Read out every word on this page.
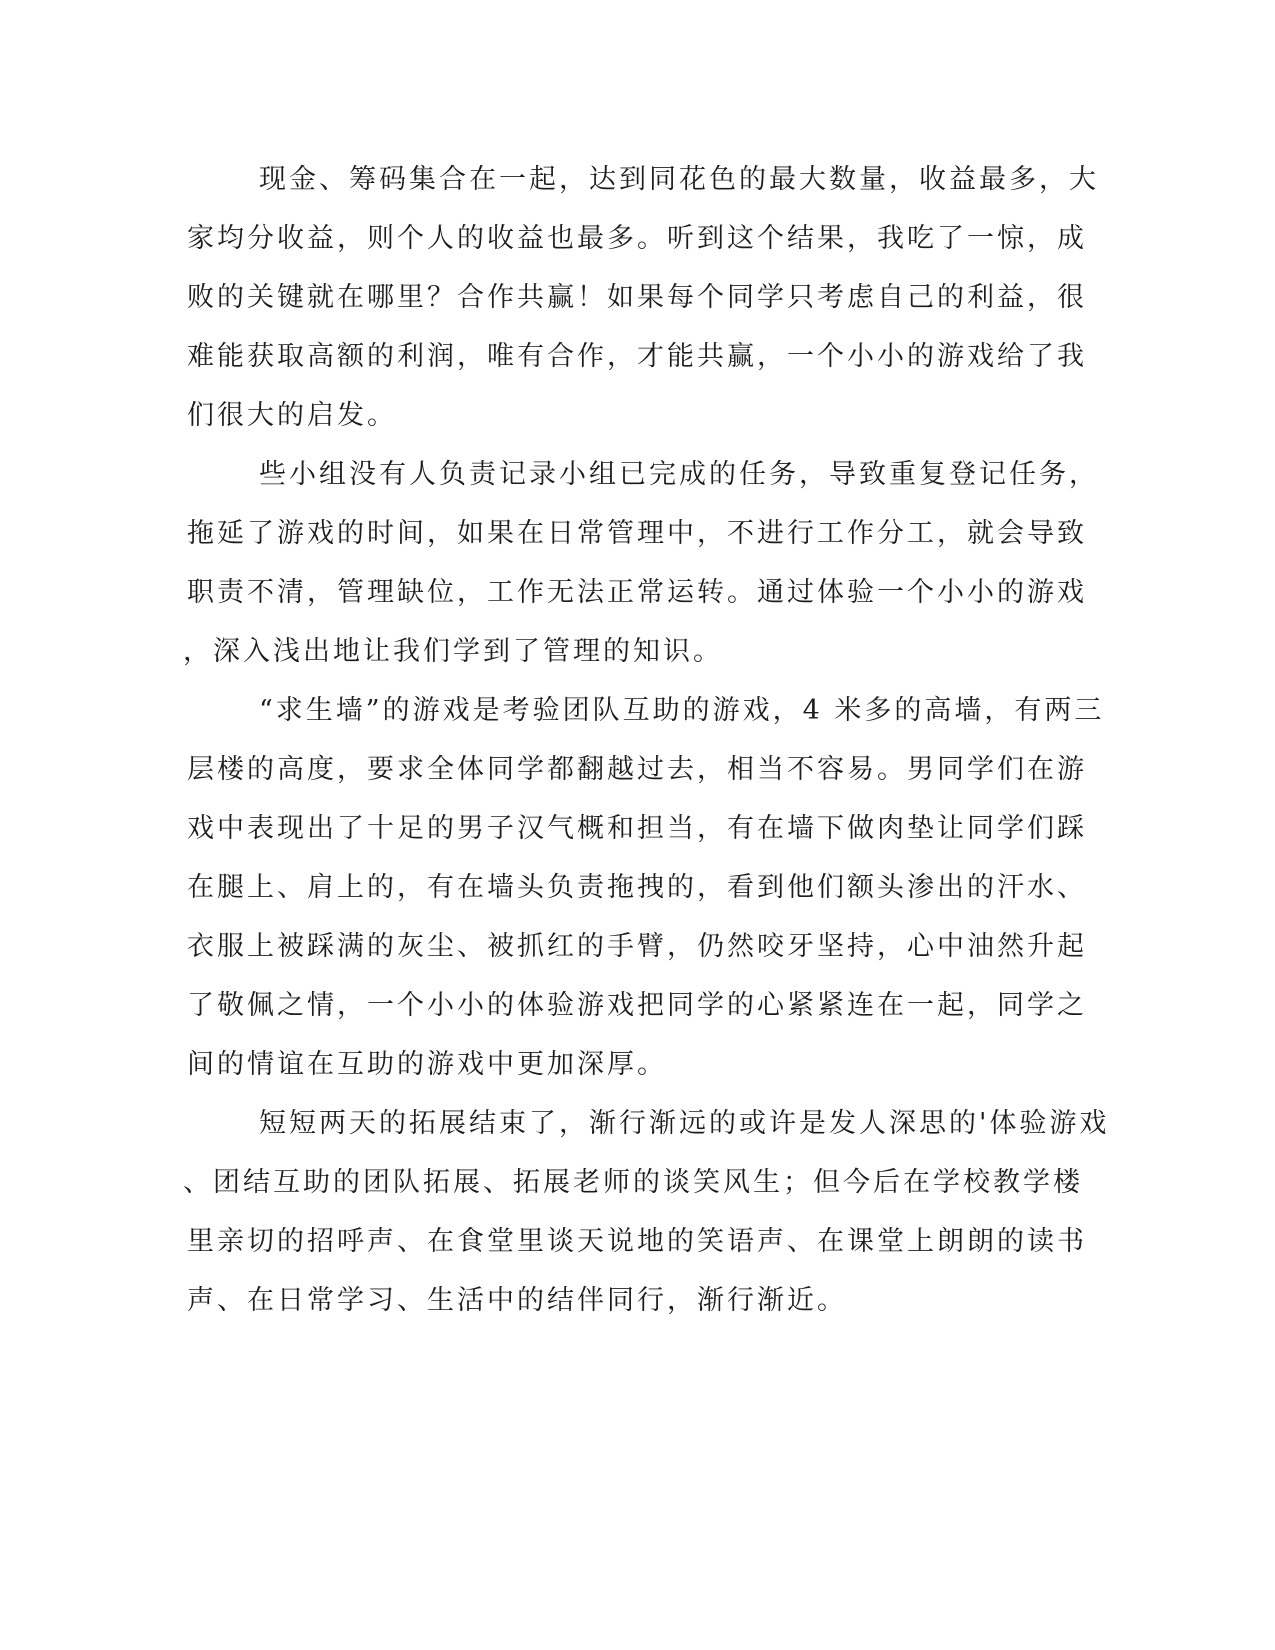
现金、筹码集合在一起，达到同花色的最大数量，收益最多，大
家均分收益，则个人的收益也最多。听到这个结果，我吃了一惊，成
败的关键就在哪里？合作共赢！如果每个同学只考虑自己的利益，很
难能获取高额的利润，唯有合作，才能共赢，一个小小的游戏给了我
们很大的启发。

些小组没有人负责记录小组已完成的任务，导致重复登记任务，
拖延了游戏的时间，如果在日常管理中，不进行工作分工，就会导致
职责不清，管理缺位，工作无法正常运转。通过体验一个小小的游戏
，深入浅出地让我们学到了管理的知识。

“求生墙”的游戏是考验团队互助的游戏，4 米多的高墙，有两三
层楼的高度，要求全体同学都翻越过去，相当不容易。男同学们在游
戏中表现出了十足的男子汉气概和担当，有在墙下做肉垫让同学们踩
在腿上、肩上的，有在墙头负责拖拽的，看到他们额头渗出的汗水、
衣服上被踩满的灰尘、被抓红的手臂，仍然咬牙坚持，心中油然升起
了敬佩之情，一个小小的体验游戏把同学的心紧紧连在一起，同学之
间的情谊在互助的游戏中更加深厚。

短短两天的拓展结束了，渐行渐远的或许是发人深思的'体验游戏
、团结互助的团队拓展、拓展老师的谈笑风生；但今后在学校教学楼
里亲切的招呼声、在食堂里谈天说地的笑语声、在课堂上朗朗的读书
声、在日常学习、生活中的结伴同行，渐行渐近。
